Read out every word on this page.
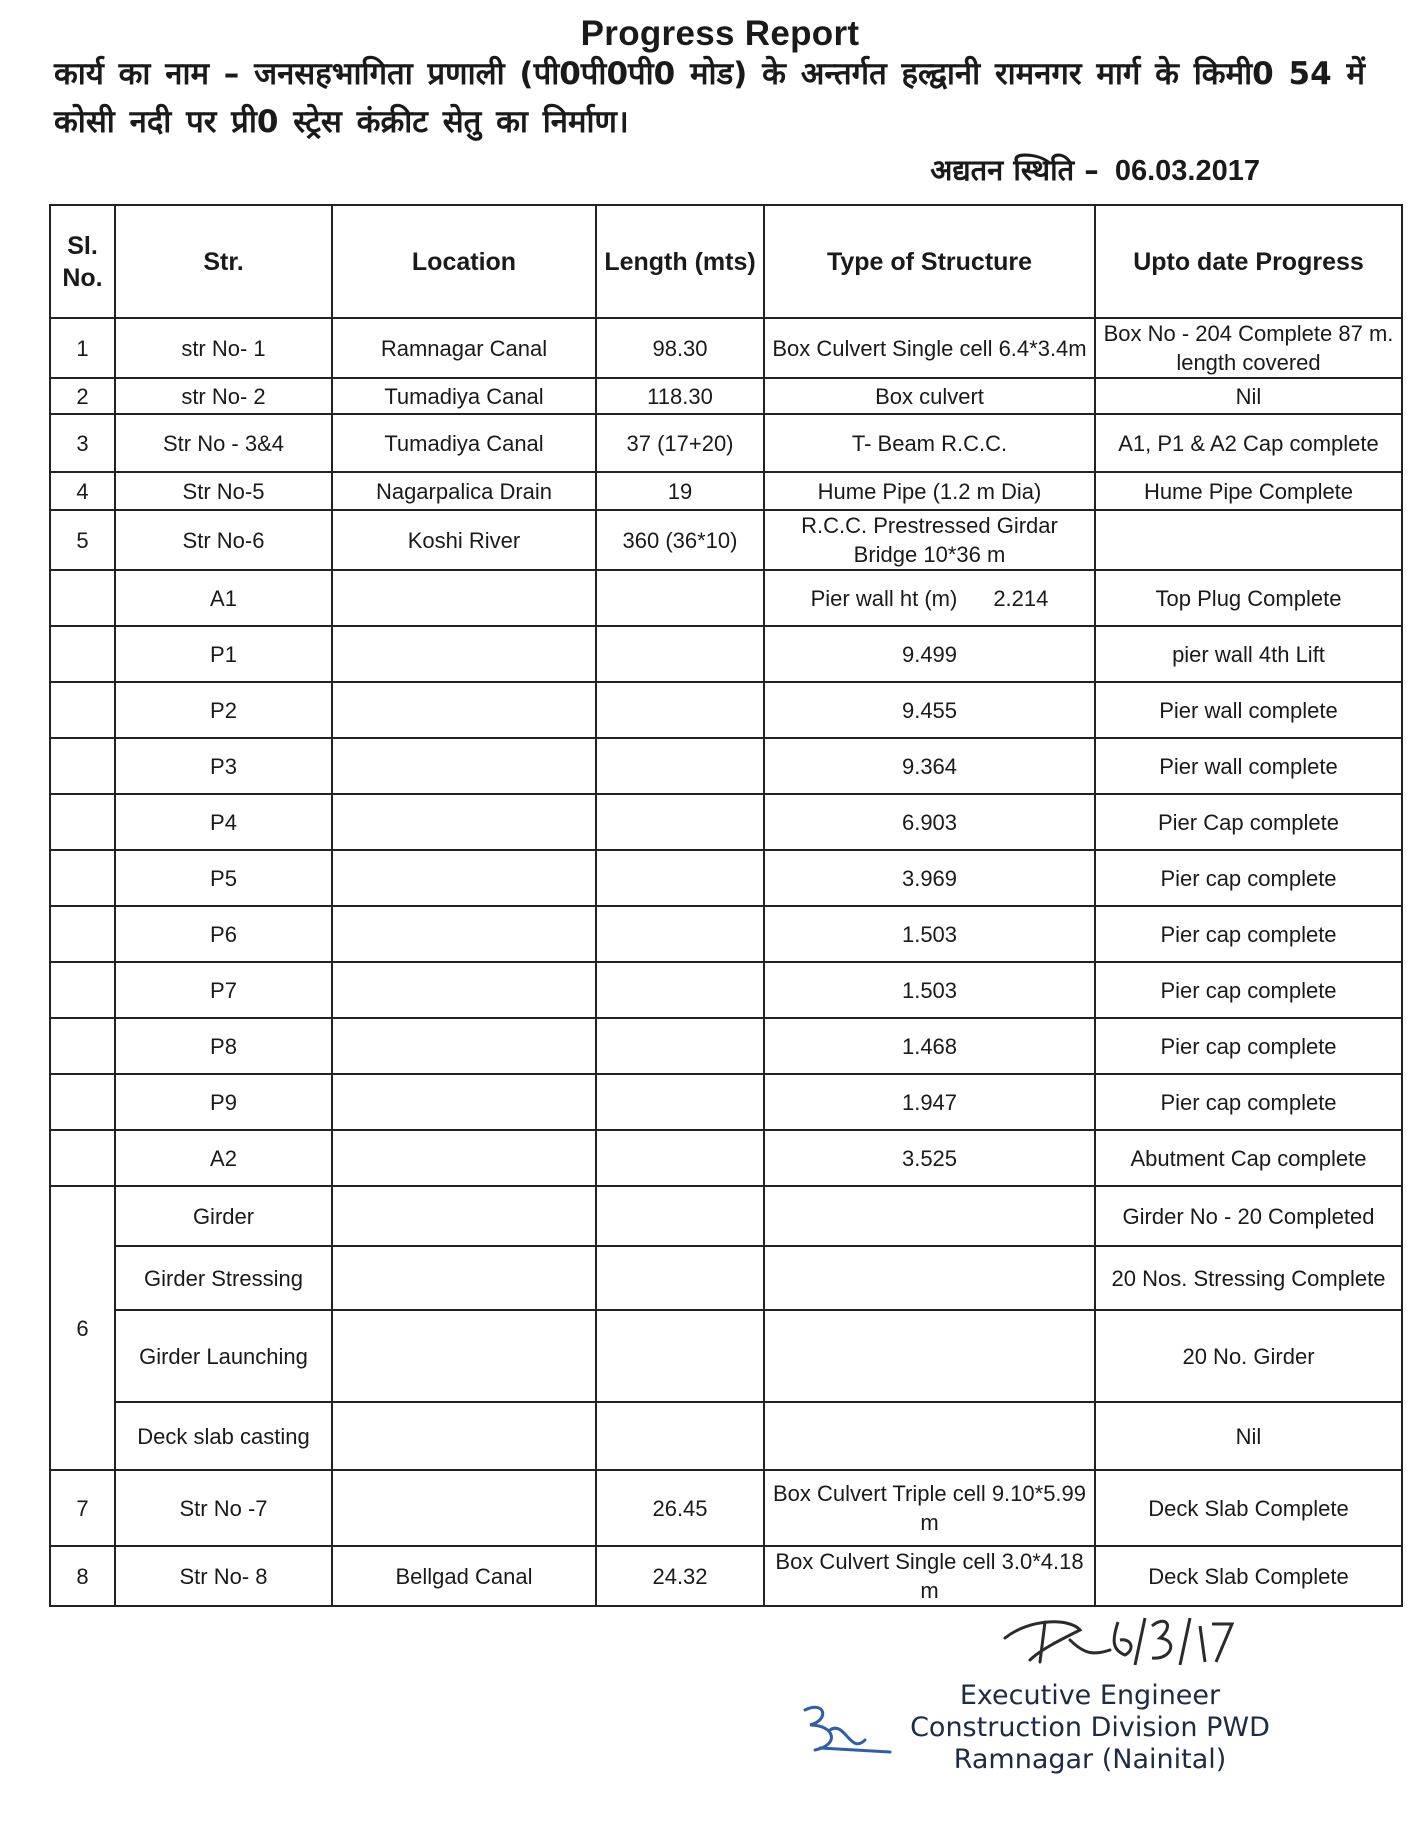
Progress Report
कार्य का नाम – जनसहभागिता प्रणाली (पी0पी0पी0 मोड) के अन्तर्गत हल्द्वानी रामनगर मार्ग के किमी0 54 में कोसी नदी पर प्री0 स्ट्रेस कंक्रीट सेतु का निर्माण।
अद्यतन स्थिति – 06.03.2017
Sl. No.	Str.	Location	Length (mts)	Type of Structure	Upto date Progress
1	str No- 1	Ramnagar Canal	98.30	Box Culvert Single cell 6.4*3.4m	Box No - 204 Complete 87 m. length covered
2	str No- 2	Tumadiya Canal	118.30	Box culvert	Nil
3	Str No - 3&4	Tumadiya Canal	37 (17+20)	T- Beam R.C.C.	A1, P1 & A2 Cap complete
4	Str No-5	Nagarpalica Drain	19	Hume Pipe (1.2 m Dia)	Hume Pipe Complete
5	Str No-6	Koshi River	360 (36*10)	R.C.C. Prestressed Girdar Bridge 10*36 m	
	A1			Pier wall ht (m) 2.214	Top Plug Complete
	P1			9.499	pier wall 4th Lift
	P2			9.455	Pier wall complete
	P3			9.364	Pier wall complete
	P4			6.903	Pier Cap complete
	P5			3.969	Pier cap complete
	P6			1.503	Pier cap complete
	P7			1.503	Pier cap complete
	P8			1.468	Pier cap complete
	P9			1.947	Pier cap complete
	A2			3.525	Abutment Cap complete
6	Girder				Girder No - 20 Completed
	Girder Stressing				20 Nos. Stressing Complete
	Girder Launching				20 No. Girder
	Deck slab casting				Nil
7	Str No -7		26.45	Box Culvert Triple cell 9.10*5.99 m	Deck Slab Complete
8	Str No- 8	Bellgad Canal	24.32	Box Culvert Single cell 3.0*4.18 m	Deck Slab Complete
Executive Engineer
Construction Division PWD
Ramnagar (Nainital)
